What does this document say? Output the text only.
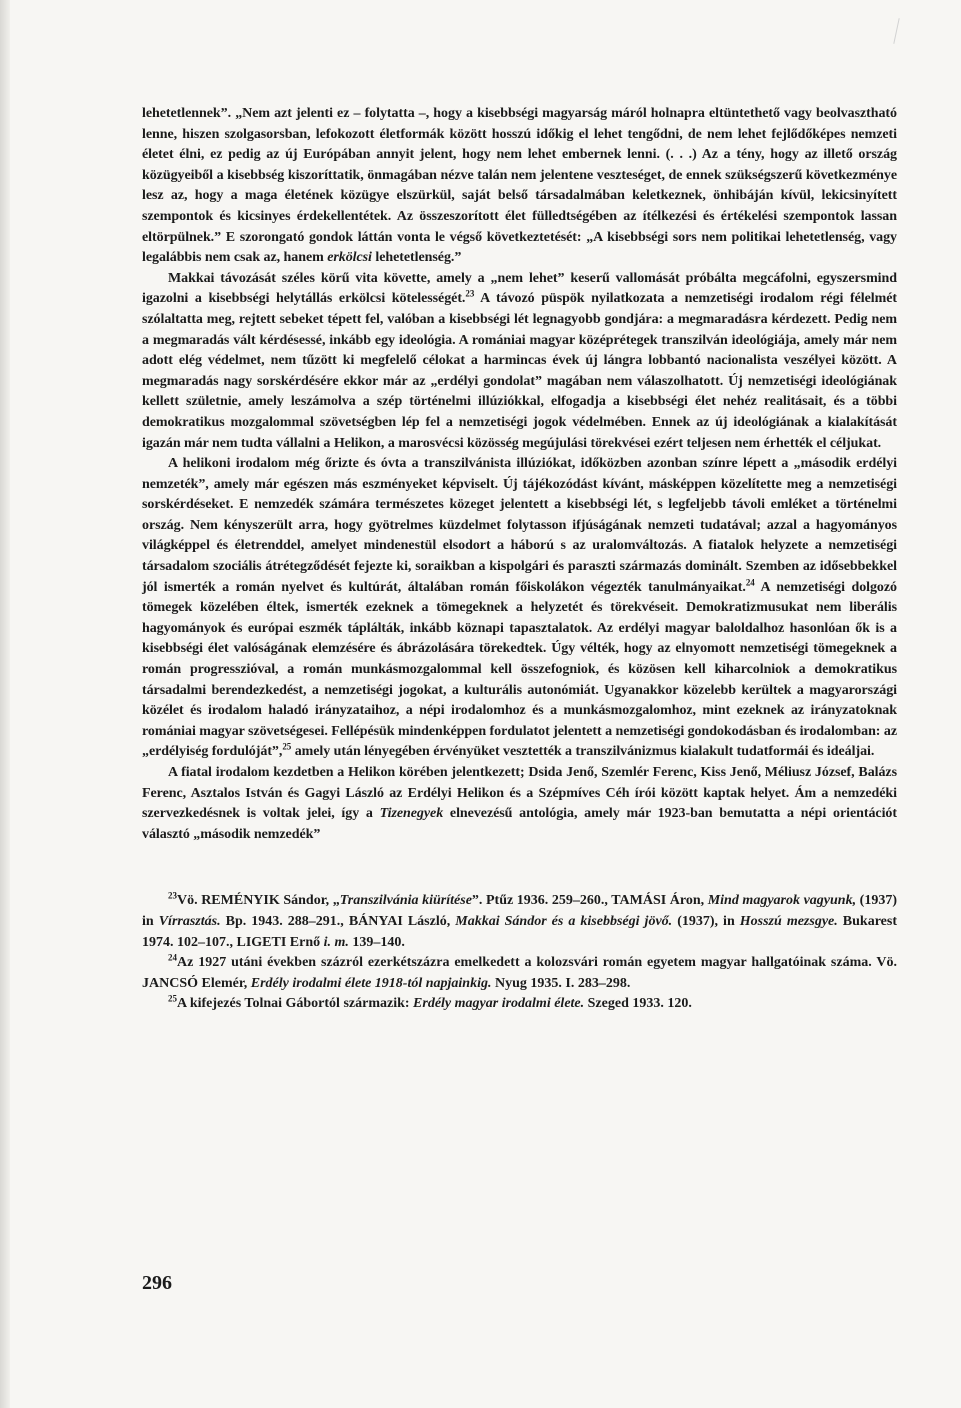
lehetetlennek”. „Nem azt jelenti ez – folytatta –, hogy a kisebbségi magyarság máról holnapra eltüntethető vagy beolvasztható lenne, hiszen szolgasorsban, lefokozott életformák között hosszú időkig el lehet tengődni, de nem lehet fejlődőképes nemzeti életet élni, ez pedig az új Európában annyit jelent, hogy nem lehet embernek lenni. (. . .) Az a tény, hogy az illető ország közügyeiből a kisebbség kiszoríttatik, önmagában nézve talán nem jelentene veszteséget, de ennek szükségszerű következménye lesz az, hogy a maga életének közügye elszürkül, saját belső társadalmában keletkeznek, önhibáján kívül, lekicsinyített szempontok és kicsinyes érdekellentétek. Az összeszorított élet fülledtségében az ítélkezési és értékelési szempontok lassan eltörpülnek.” E szorongató gondok láttán vonta le végső következtetését: „A kisebbségi sors nem politikai lehetetlenség, vagy legalábbis nem csak az, hanem erkölcsi lehetetlenség.”

Makkai távozását széles körű vita követte, amely a „nem lehet” keserű vallomását próbálta megcáfolni, egyszersmind igazolni a kisebbségi helytállás erkölcsi kötelességét.$^{23}$ A távozó püspök nyilatkozata a nemzetiségi irodalom régi félelmét szólaltatta meg, rejtett sebeket tépett fel, valóban a kisebbségi lét legnagyobb gondjára: a megmaradásra kérdezett. Pedig nem a megmaradás vált kérdésessé, inkább egy ideológia. A romániai magyar középrétegek transzilván ideológiája, amely már nem adott elég védelmet, nem tűzött ki megfelelő célokat a harmincas évek új lángra lobbantó nacionalista veszélyei között. A megmaradás nagy sorskérdésére ekkor már az „erdélyi gondolat” magában nem válaszolhatott. Új nemzetiségi ideológiának kellett születnie, amely leszámolva a szép történelmi illúziókkal, elfogadja a kisebbségi élet nehéz realitásait, és a többi demokratikus mozgalommal szövetségben lép fel a nemzetiségi jogok védelmében. Ennek az új ideológiának a kialakítását igazán már nem tudta vállalni a Helikon, a marosvécsi közösség megújulási törekvései ezért teljesen nem érhették el céljukat.

A helikoni irodalom még őrizte és óvta a transzilvánista illúziókat, időközben azonban színre lépett a „második erdélyi nemzeték”, amely már egészen más eszményeket képviselt. Új tájékozódást kívánt, másképpen közelítette meg a nemzetiségi sorskérdéseket. E nemzedék számára természetes közeget jelentett a kisebbségi lét, s legfeljebb távoli emléket a történelmi ország. Nem kényszerült arra, hogy gyötrelmes küzdelmet folytasson ifjúságának nemzeti tudatával; azzal a hagyományos világképpel és életrenddel, amelyet mindenestül elsodort a háború s az uralomváltozás. A fiatalok helyzete a nemzetiségi társadalom szociális átrétegződését fejezte ki, soraikban a kispolgári és paraszti származás dominált. Szemben az idősebbekkel jól ismerték a román nyelvet és kultúrát, általában román főiskolákon végezték tanulmányaikat.$^{24}$ A nemzetiségi dolgozó tömegek közelében éltek, ismerték ezeknek a tömegeknek a helyzetét és törekvéseit. Demokratizmusukat nem liberális hagyományok és európai eszmék táplálták, inkább köznapi tapasztalatok. Az erdélyi magyar baloldalhoz hasonlóan ők is a kisebbségi élet valóságának elemzésére és ábrázolására törekedtek. Úgy vélték, hogy az elnyomott nemzetiségi tömegeknek a román progresszióval, a román munkásmozgalommal kell összefogniok, és közösen kell kiharcolniok a demokratikus társadalmi berendezkedést, a nemzetiségi jogokat, a kulturális autonómiát. Ugyanakkor közelebb kerültek a magyarországi közélet és irodalom haladó irányzataihoz, a népi irodalomhoz és a munkásmozgalomhoz, mint ezeknek az irányzatoknak romániai magyar szövetségesei. Fellépésük mindenképpen fordulatot jelentett a nemzetiségi gondokodásban és irodalomban: az „erdélyiség fordulóját”,$^{25}$ amely után lényegében érvényüket vesztették a transzilvánizmus kialakult tudatformái és ideáljai.

A fiatal irodalom kezdetben a Helikon körében jelentkezett; Dsida Jenő, Szemlér Ferenc, Kiss Jenő, Méliusz József, Balázs Ferenc, Asztalos István és Gagyi László az Erdélyi Helikon és a Szépmíves Céh írói között kaptak helyet. Ám a nemzedéki szervezkedésnek is voltak jelei, így a Tizenegyek elnevezésű antológia, amely már 1923-ban bemutatta a népi orientációt választó „második nemzedék”

$^{23}$Vö. REMÉNYIK Sándor, „Transzilvánia kiürítése”. Ptűz 1936. 259–260., TAMÁSI Áron, Mind magyarok vagyunk, (1937) in Vírrasztás. Bp. 1943. 288–291., BÁNYAI László, Makkai Sándor és a kisebbségi jövő. (1937), in Hosszú mezsgye. Bukarest 1974. 102–107., LIGETI Ernő i. m. 139–140.

$^{24}$Az 1927 utáni években százról ezerkétszázra emelkedett a kolozsvári román egyetem magyar hallgatóinak száma. Vö. JANCSÓ Elemér, Erdély irodalmi élete 1918-tól napjainkig. Nyug 1935. I. 283–298.

$^{25}$A kifejezés Tolnai Gábortól származik: Erdély magyar irodalmi élete. Szeged 1933. 120.

296
